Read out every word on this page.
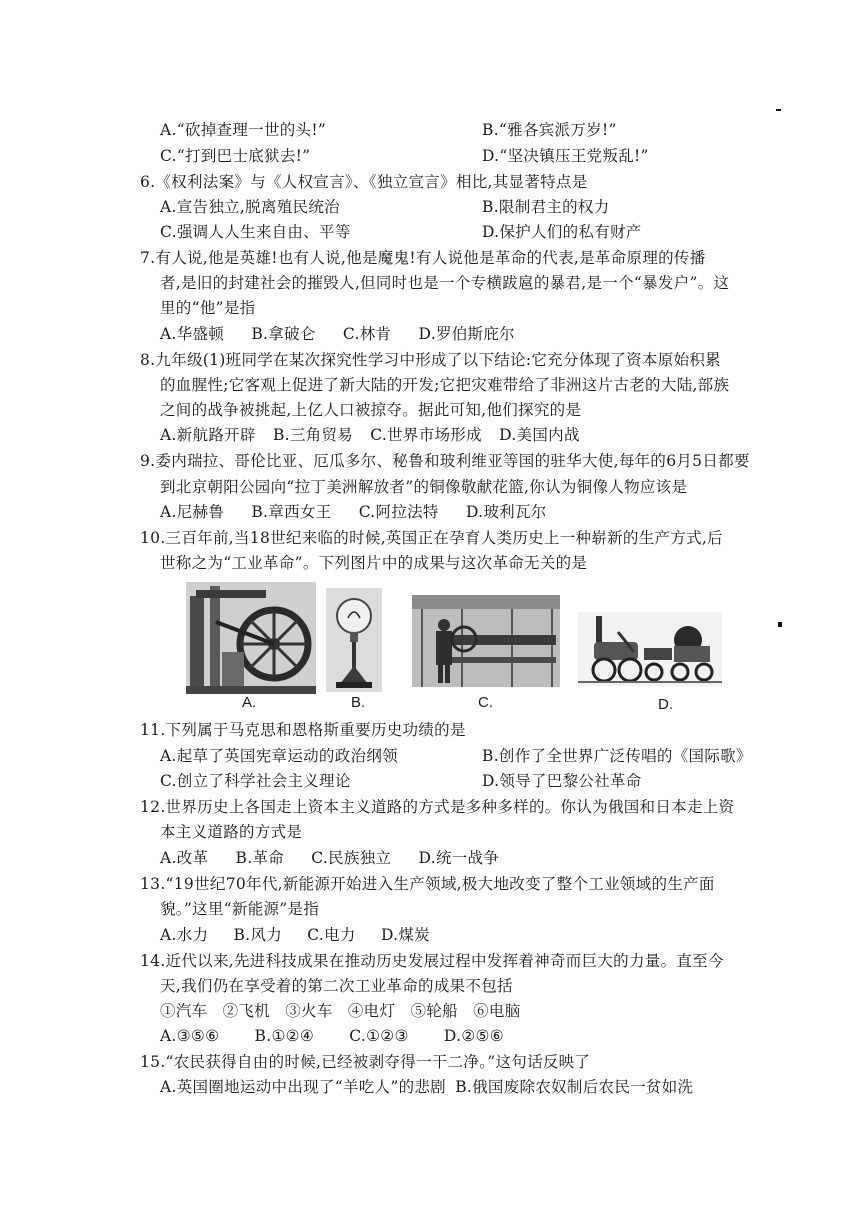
A.“砍掉查理一世的头!”	B.“雅各宾派万岁!”
C.“打到巴士底狱去!”	D.“坚决镇压王党叛乱!”
6.《权利法案》与《人权宣言》、《独立宣言》相比,其显著特点是
A.宣告独立,脱离殖民统治	B.限制君主的权力
C.强调人人生来自由、平等	D.保护人们的私有财产
7.有人说,他是英雄!也有人说,他是魔鬼!有人说他是革命的代表,是革命原理的传播
者,是旧的封建社会的摧毁人,但同时也是一个专横跋扈的暴君,是一个“暴发户”。这
里的“他”是指
A.华盛顿 B.拿破仑 C.林肯 D.罗伯斯庇尔
8.九年级(1)班同学在某次探究性学习中形成了以下结论:它充分体现了资本原始积累
的血腥性;它客观上促进了新大陆的开发;它把灾难带给了非洲这片古老的大陆,部族
之间的战争被挑起,上亿人口被掠夺。据此可知,他们探究的是
A.新航路开辟 B.三角贸易 C.世界市场形成 D.美国内战
9.委内瑞拉、哥伦比亚、厄瓜多尔、秘鲁和玻利维亚等国的驻华大使,每年的6月5日都要
到北京朝阳公园向“拉丁美洲解放者”的铜像敬献花篮,你认为铜像人物应该是
A.尼赫鲁 B.章西女王 C.阿拉法特 D.玻利瓦尔
10.三百年前,当18世纪来临的时候,英国正在孕育人类历史上一种崭新的生产方式,后
世称之为“工业革命”。下列图片中的成果与这次革命无关的是
A.	B.	C.	D.
11.下列属于马克思和恩格斯重要历史功绩的是
A.起草了英国宪章运动的政治纲领	B.创作了全世界广泛传唱的《国际歌》
C.创立了科学社会主义理论	D.领导了巴黎公社革命
12.世界历史上各国走上资本主义道路的方式是多种多样的。你认为俄国和日本走上资
本主义道路的方式是
A.改革 B.革命 C.民族独立 D.统一战争
13.“19世纪70年代,新能源开始进入生产领域,极大地改变了整个工业领域的生产面
貌。”这里“新能源”是指
A.水力 B.风力 C.电力 D.煤炭
14.近代以来,先进科技成果在推动历史发展过程中发挥着神奇而巨大的力量。直至今
天,我们仍在享受着的第二次工业革命的成果不包括
①汽车 ②飞机 ③火车 ④电灯 ⑤轮船 ⑥电脑
A.③⑤⑥ B.①②④ C.①②③ D.②⑤⑥
15.“农民获得自由的时候,已经被剥夺得一干二净。”这句话反映了
A.英国圈地运动中出现了“羊吃人”的悲剧 B.俄国废除农奴制后农民一贫如洗
